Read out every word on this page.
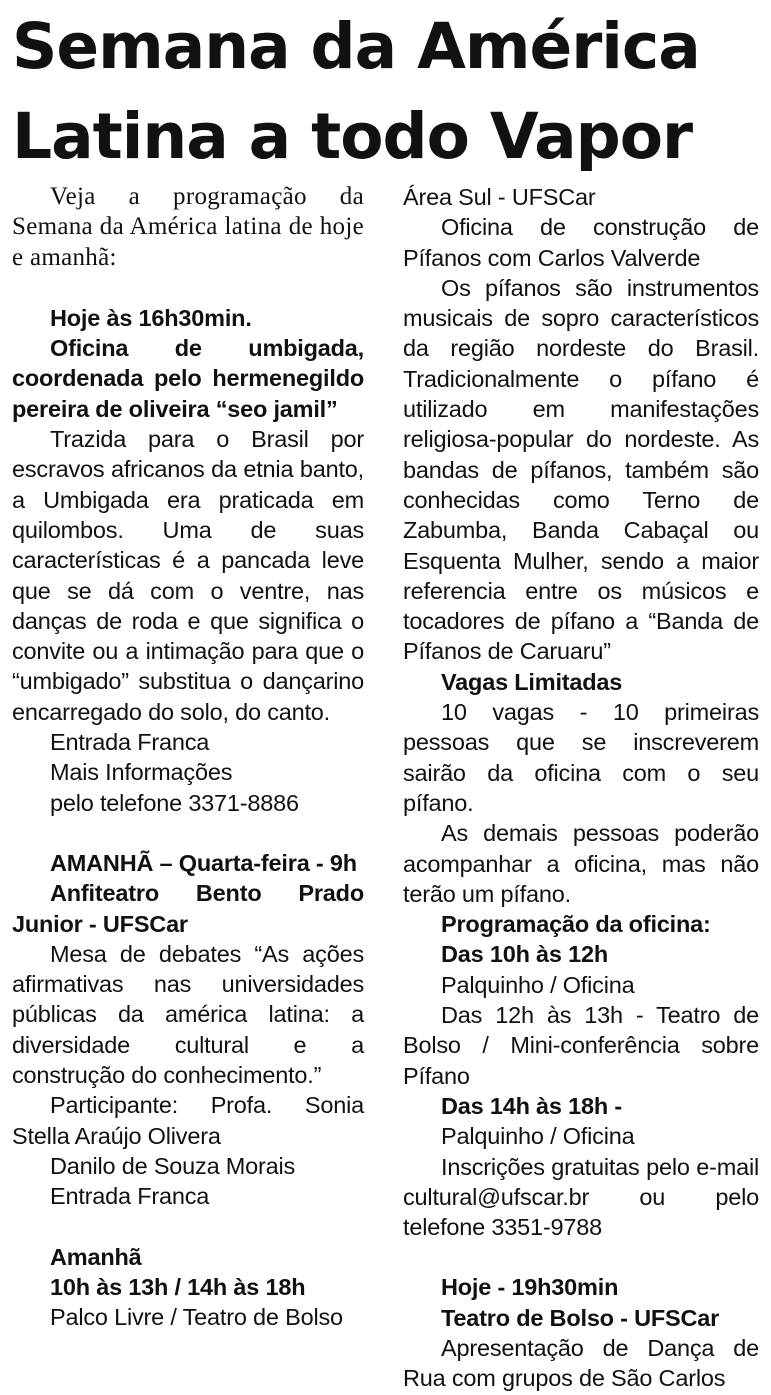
Semana da América
Latina a todo Vapor

Veja a programação da Semana da América latina de hoje e amanhã:

Hoje às 16h30min.

Oficina de umbigada, coordenada pelo hermenegildo pereira de oliveira “seo jamil”

Trazida para o Brasil por escravos africanos da etnia banto, a Umbigada era praticada em quilombos. Uma de suas características é a pancada leve que se dá com o ventre, nas danças de roda e que significa o convite ou a intimação para que o “umbigado” substitua o dançarino encarregado do solo, do canto.

Entrada Franca

Mais Informações

pelo telefone 3371-8886

AMANHÃ – Quarta-feira - 9h

Anfiteatro Bento Prado Junior - UFSCar

Mesa de debates “As ações afirmativas nas universidades públicas da américa latina: a diversidade cultural e a construção do conhecimento.”

Participante: Profa. Sonia Stella Araújo Olivera

Danilo de Souza Morais

Entrada Franca

Amanhã

10h às 13h / 14h às 18h

Palco Livre / Teatro de Bolso

Área Sul - UFSCar

Oficina de construção de Pífanos com Carlos Valverde

Os pífanos são instrumentos musicais de sopro característicos da região nordeste do Brasil. Tradicionalmente o pífano é utilizado em manifestações religiosa-popular do nordeste. As bandas de pífanos, também são conhecidas como Terno de Zabumba, Banda Cabaçal ou Esquenta Mulher, sendo a maior referencia entre os músicos e tocadores de pífano a “Banda de Pífanos de Caruaru”

Vagas Limitadas

10 vagas - 10 primeiras pessoas que se inscreverem sairão da oficina com o seu pífano.

As demais pessoas poderão acompanhar a oficina, mas não terão um pífano.

Programação da oficina:

Das 10h às 12h

Palquinho / Oficina

Das 12h às 13h - Teatro de Bolso / Mini-conferência sobre Pífano

Das 14h às 18h -

Palquinho / Oficina

Inscrições gratuitas pelo e-mail cultural@ufscar.br ou pelo telefone 3351-9788

Hoje - 19h30min

Teatro de Bolso - UFSCar

Apresentação de Dança de Rua com grupos de São Carlos
